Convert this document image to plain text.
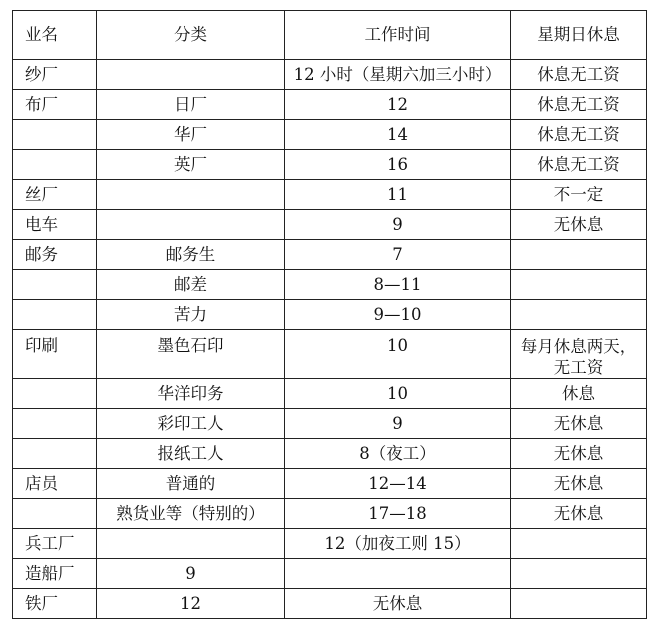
业名	分类	工作时间	星期日休息
纱厂		12 小时（星期六加三小时）	休息无工资
布厂	日厂	12	休息无工资
	华厂	14	休息无工资
	英厂	16	休息无工资
丝厂		11	不一定
电车		9	无休息
邮务	邮务生	7	
	邮差	8—11	
	苦力	9—10	
印刷	墨色石印	10	每月休息两天，无工资
	华洋印务	10	休息
	彩印工人	9	无休息
	报纸工人	8（夜工）	无休息
店员	普通的	12—14	无休息
	熟货业等（特别的）	17—18	无休息
兵工厂		12（加夜工则 15）	
造船厂	9		
铁厂	12	无休息	
